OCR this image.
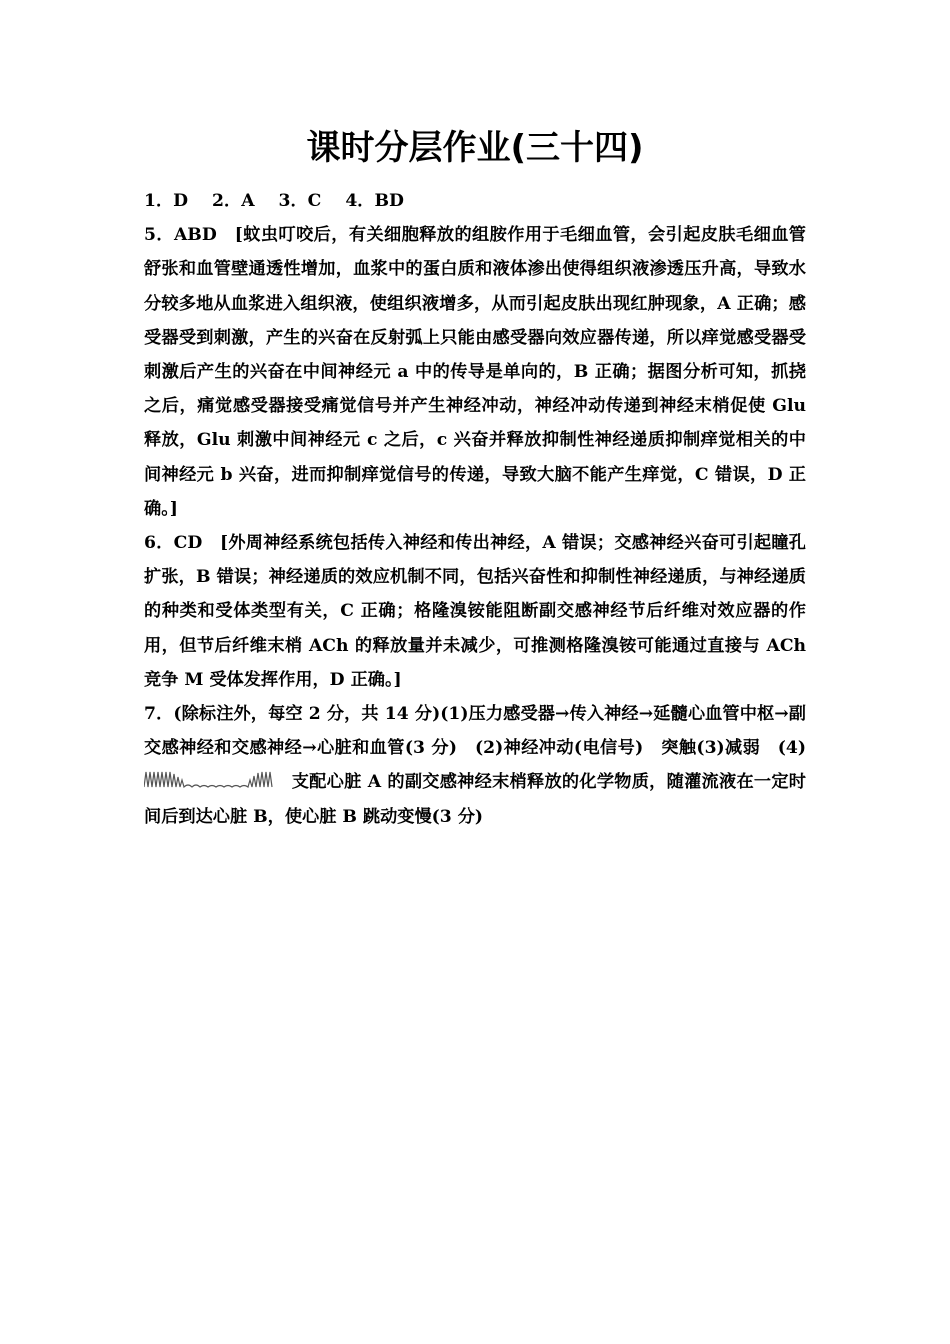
课时分层作业(三十四)

1．D 2．A 3．C 4．BD

5．ABD　[蚊虫叮咬后，有关细胞释放的组胺作用于毛细血管，会引起皮肤毛细血管舒张和血管壁通透性增加，血浆中的蛋白质和液体渗出使得组织液渗透压升高，导致水分较多地从血浆进入组织液，使组织液增多，从而引起皮肤出现红肿现象，A 正确；感受器受到刺激，产生的兴奋在反射弧上只能由感受器向效应器传递，所以痒觉感受器受刺激后产生的兴奋在中间神经元 a 中的传导是单向的，B 正确；据图分析可知，抓挠之后，痛觉感受器接受痛觉信号并产生神经冲动，神经冲动传递到神经末梢促使 Glu 释放，Glu 刺激中间神经元 c 之后，c 兴奋并释放抑制性神经递质抑制痒觉相关的中间神经元 b 兴奋，进而抑制痒觉信号的传递，导致大脑不能产生痒觉，C 错误，D 正确。]

6．CD　[外周神经系统包括传入神经和传出神经，A 错误；交感神经兴奋可引起瞳孔扩张，B 错误；神经递质的效应机制不同，包括兴奋性和抑制性神经递质，与神经递质的种类和受体类型有关，C 正确；格隆溴铵能阻断副交感神经节后纤维对效应器的作用，但节后纤维末梢 ACh 的释放量并未减少，可推测格隆溴铵可能通过直接与 ACh 竞争 M 受体发挥作用，D 正确。]

7．(除标注外，每空 2 分，共 14 分)(1)压力感受器→传入神经→延髓心血管中枢→副交感神经和交感神经→心脏和血管(3 分)　(2)神经冲动(电信号)　突触(3)减弱　(4)　支配心脏 A 的副交感神经末梢释放的化学物质，随灌流液在一定时间后到达心脏 B，使心脏 B 跳动变慢(3 分)
